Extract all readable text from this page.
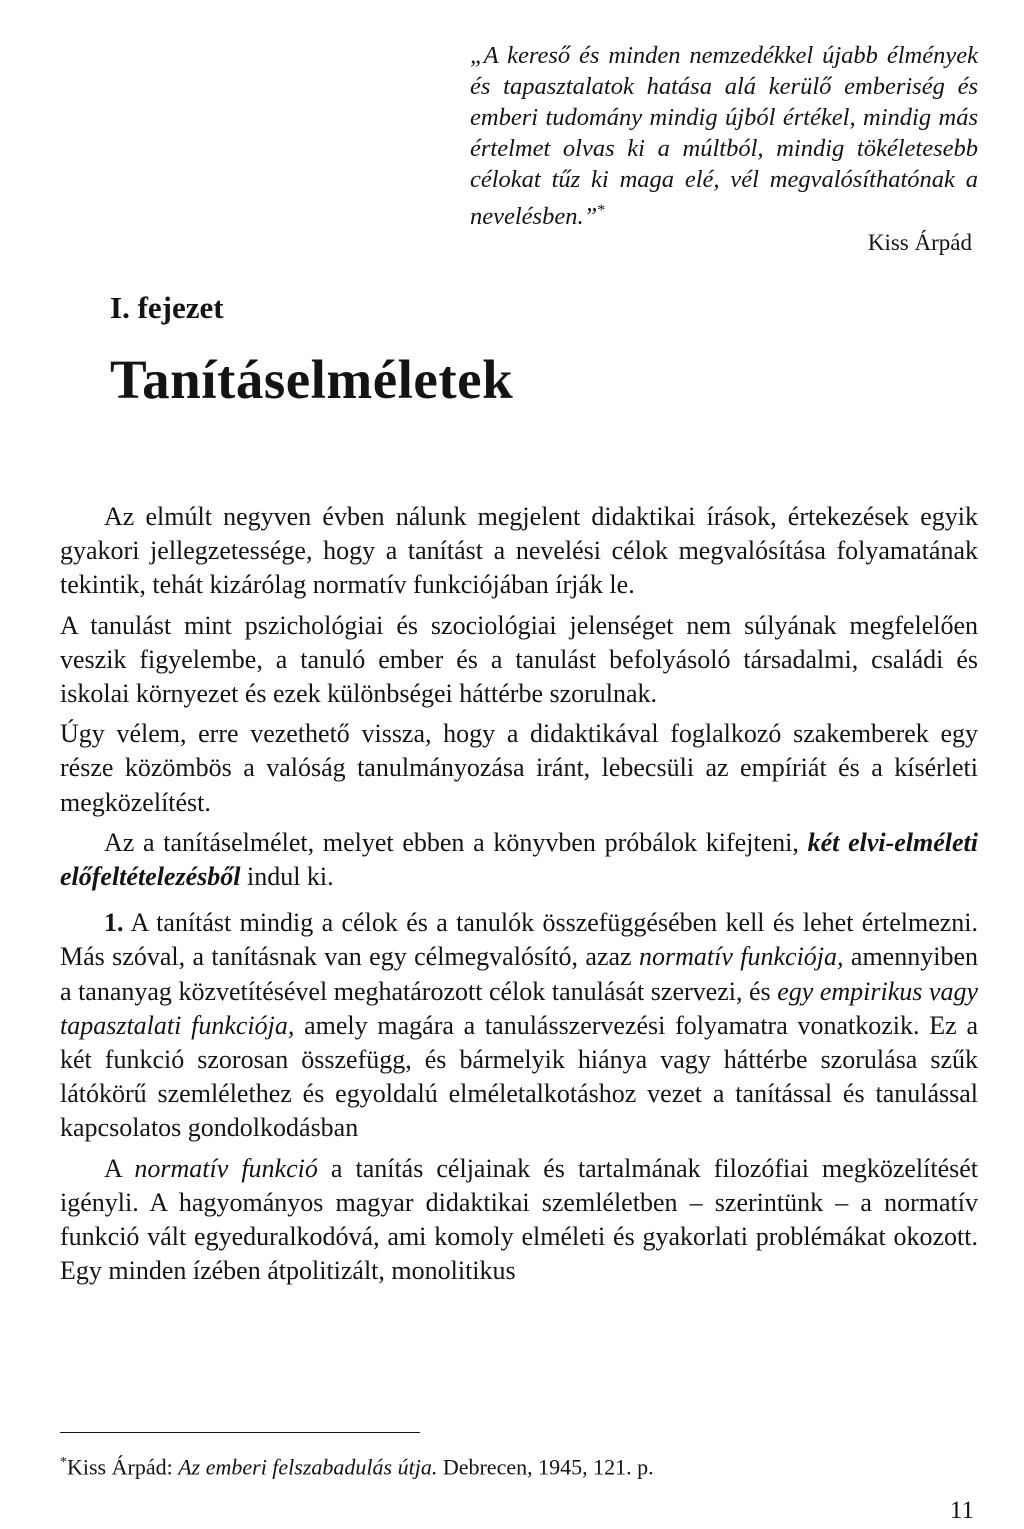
„A kereső és minden nemzedékkel újabb élmények és tapasztalatok hatása alá kerülő emberiség és emberi tudomány mindig újból értékel, mindig más értelmet olvas ki a múltból, mindig tökéletesebb célokat tűz ki maga elé, vél megvalósíthatónak a nevelésben.”*
Kiss Árpád
I. fejezet
Tanításelméletek

Az elmúlt negyven évben nálunk megjelent didaktikai írások, értekezések egyik gyakori jellegzetessége, hogy a tanítást a nevelési célok megvalósítása folyamatának tekintik, tehát kizárólag normatív funkciójában írják le.

A tanulást mint pszichológiai és szociológiai jelenséget nem súlyának megfelelően veszik figyelembe, a tanuló ember és a tanulást befolyásoló társadalmi, családi és iskolai környezet és ezek különbségei háttérbe szorulnak.

Úgy vélem, erre vezethető vissza, hogy a didaktikával foglalkozó szakemberek egy része közömbös a valóság tanulmányozása iránt, lebecsüli az empíriát és a kísérleti megközelítést.

Az a tanításelmélet, melyet ebben a könyvben próbálok kifejteni, két elvi-elméleti előfeltételezésből indul ki.

1. A tanítást mindig a célok és a tanulók összefüggésében kell és lehet értelmezni. Más szóval, a tanításnak van egy célmegvalósító, azaz normatív funkciója, amennyiben a tananyag közvetítésével meghatározott célok tanulását szervezi, és egy empirikus vagy tapasztalati funkciója, amely magára a tanulásszervezési folyamatra vonatkozik. Ez a két funkció szorosan összefügg, és bármelyik hiánya vagy háttérbe szorulása szűk látókörű szemlélethez és egyoldalú elméletalkotáshoz vezet a tanítással és tanulással kapcsolatos gondolkodásban

A normatív funkció a tanítás céljainak és tartalmának filozófiai megközelítését igényli. A hagyományos magyar didaktikai szemléletben – szerintünk – a normatív funkció vált egyeduralkodóvá, ami komoly elméleti és gyakorlati problémákat okozott. Egy minden ízében átpolitizált, monolitikus

*Kiss Árpád: Az emberi felszabadulás útja. Debrecen, 1945, 121. p.
11
